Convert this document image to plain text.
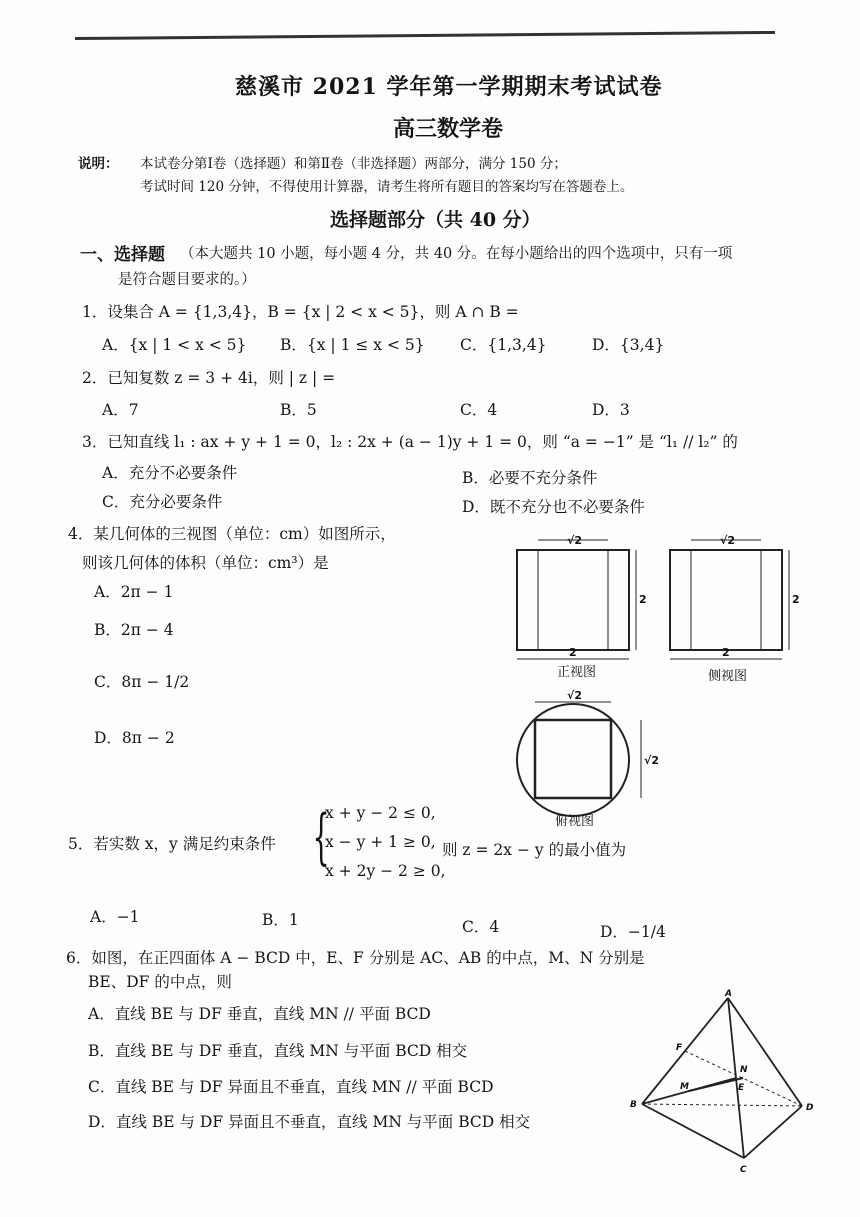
慈溪市 2021 学年第一学期期末考试试卷
高三数学卷
说明： 本试卷分第Ⅰ卷（选择题）和第Ⅱ卷（非选择题）两部分，满分 150 分；
考试时间 120 分钟，不得使用计算器，请考生将所有题目的答案均写在答题卷上。
选择题部分（共 40 分）
一、选择题 （本大题共 10 小题，每小题 4 分，共 40 分。在每小题给出的四个选项中，只有一项
是符合题目要求的。）
1．设集合 A = {1,3,4}，B = {x | 2 < x < 5}，则 A ∩ B =
A．{x | 1 < x < 5} B．{x | 1 ≤ x < 5} C．{1,3,4}	D．{3,4}
2．已知复数 z = 3 + 4i，则 | z | =
A．7	B．5	C．4	D．3
3．已知直线 l₁ : ax + y + 1 = 0，l₂ : 2x + (a − 1)y + 1 = 0，则 “a = −1” 是 “l₁ // l₂” 的
A．充分不必要条件	B．必要不充分条件
C．充分必要条件	D．既不充分也不必要条件
4．某几何体的三视图（单位：cm）如图所示，
则该几何体的体积（单位：cm³）是
A．2π − 1
B．2π − 4
C．8π − 1/2
D．8π − 2
√2
2
2
√2
2
2
√2
√2
正视图	侧视图
俯视图
5．若实数 x，y 满足约束条件 {
x + y − 2 ≤ 0,
x − y + 1 ≥ 0,
x + 2y − 2 ≥ 0,
则 z = 2x − y 的最小值为
A．−1	B．1	C．4	D．−1/4
6．如图，在正四面体 A − BCD 中，E、F 分别是 AC、AB 的中点，M、N 分别是
BE、DF 的中点，则
A．直线 BE 与 DF 垂直，直线 MN // 平面 BCD
B．直线 BE 与 DF 垂直，直线 MN 与平面 BCD 相交
C．直线 BE 与 DF 异面且不垂直，直线 MN // 平面 BCD
D．直线 BE 与 DF 异面且不垂直，直线 MN 与平面 BCD 相交
A
B
C
D
E
F
M
N
